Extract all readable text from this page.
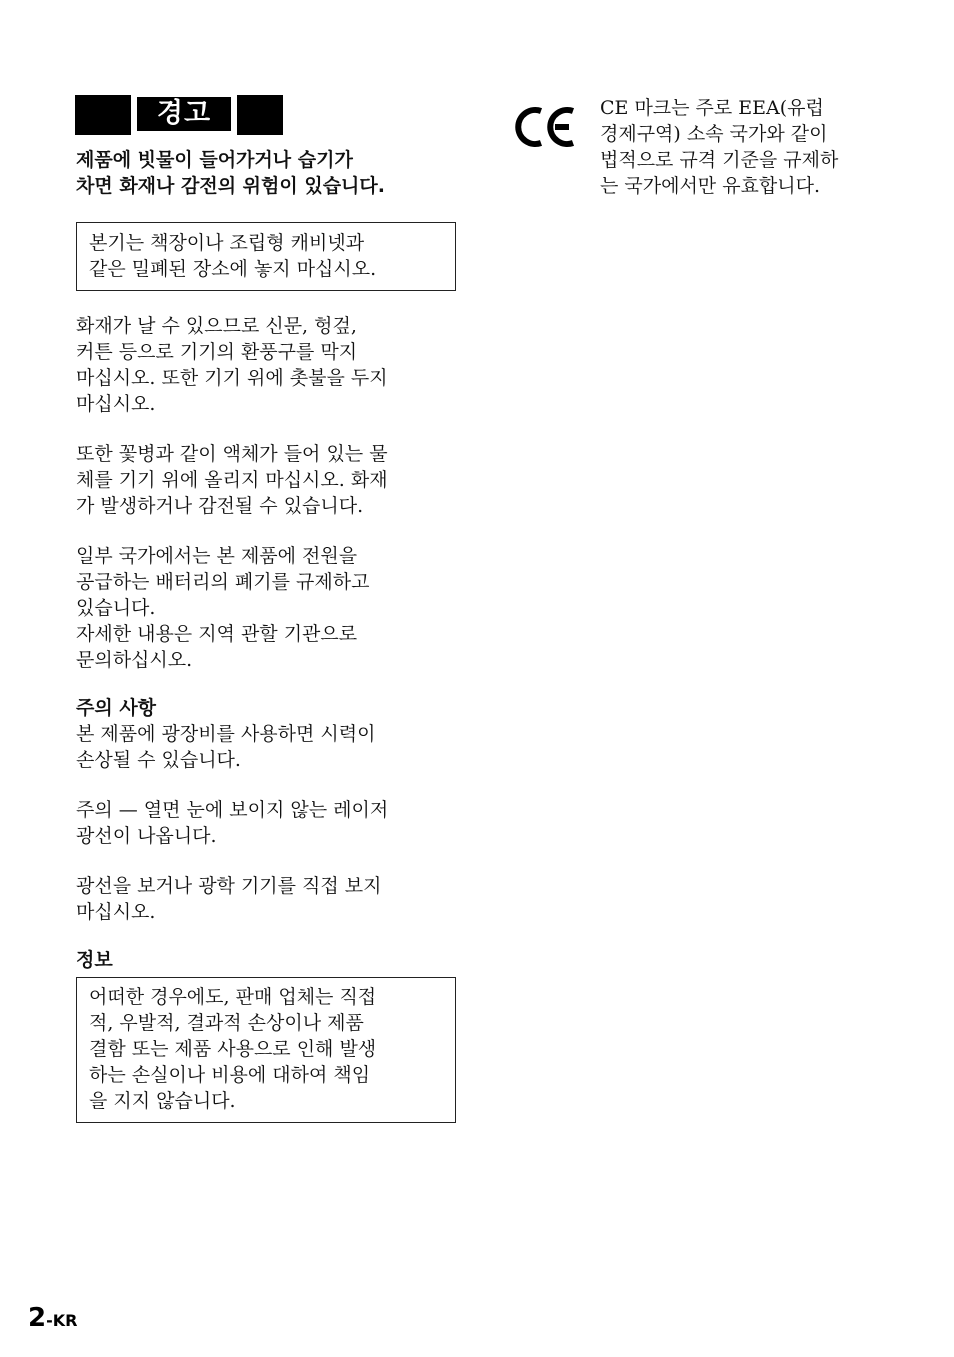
경고

제품에 빗물이 들어가거나 습기가

차면 화재나 감전의 위험이 있습니다.

본기는 책장이나 조립형 캐비넷과
같은 밀폐된 장소에 놓지 마십시오.
화재가 날 수 있으므로 신문, 헝겊,
커튼 등으로 기기의 환풍구를 막지
마십시오. 또한 기기 위에 촛불을 두지
마십시오.
또한 꽃병과 같이 액체가 들어 있는 물
체를 기기 위에 올리지 마십시오. 화재
가 발생하거나 감전될 수 있습니다.
일부 국가에서는 본 제품에 전원을
공급하는 배터리의 폐기를 규제하고
있습니다.
자세한 내용은 지역 관할 기관으로
문의하십시오.
주의 사항
본 제품에 광장비를 사용하면 시력이
손상될 수 있습니다.
주의 — 열면 눈에 보이지 않는 레이저
광선이 나옵니다.
광선을 보거나 광학 기기를 직접 보지
마십시오.
정보
어떠한 경우에도, 판매 업체는 직접
적, 우발적, 결과적 손상이나 제품
결함 또는 제품 사용으로 인해 발생
하는 손실이나 비용에 대하여 책임
을 지지 않습니다.
CE 마크는 주로 EEA(유럽
경제구역) 소속 국가와 같이
법적으로 규격 기준을 규제하
는 국가에서만 유효합니다.
2-KR
